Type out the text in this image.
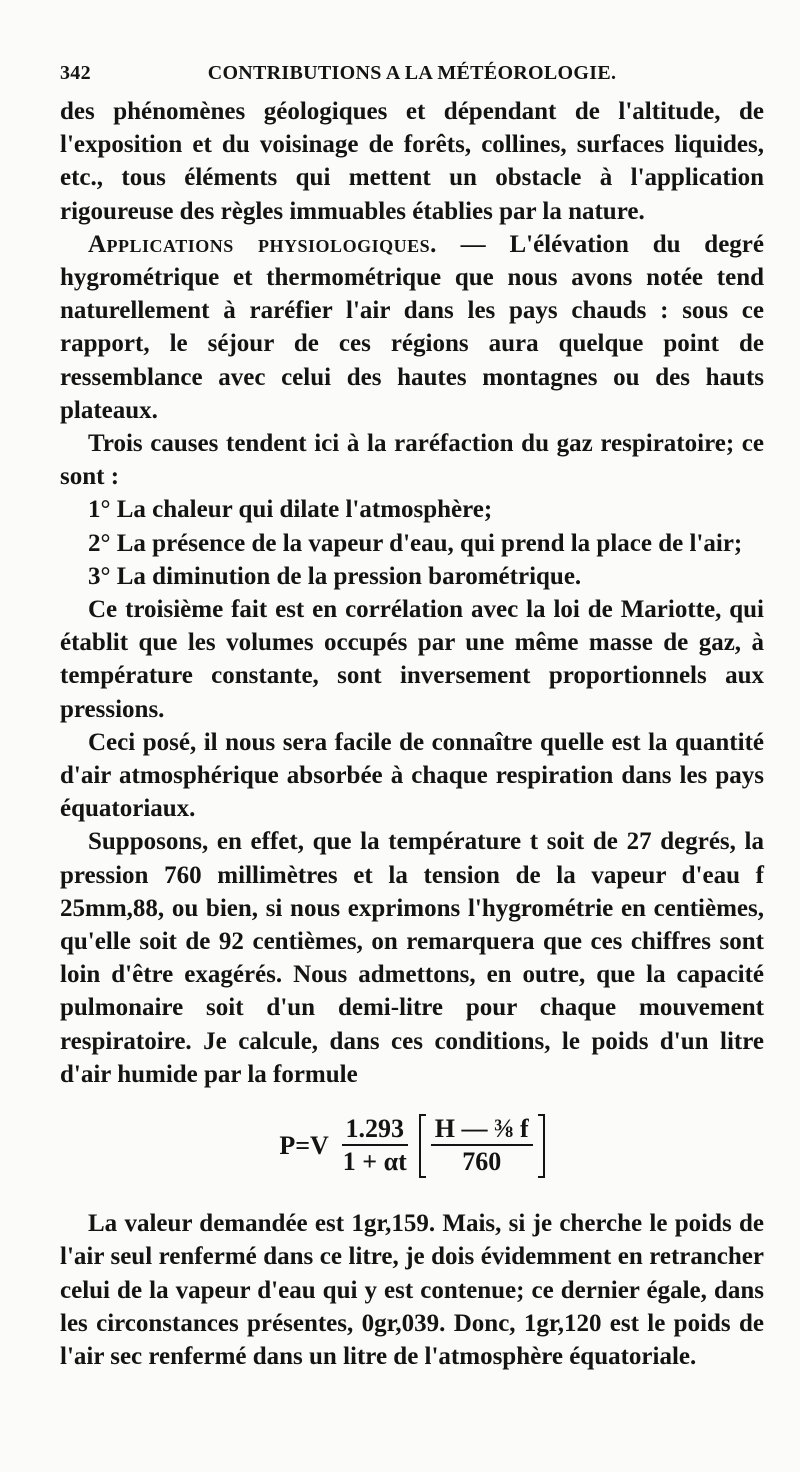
342	CONTRIBUTIONS A LA MÉTÉOROLOGIE.

des phénomènes géologiques et dépendant de l'altitude, de l'exposition et du voisinage de forêts, collines, surfaces liquides, etc., tous éléments qui mettent un obstacle à l'application rigoureuse des règles immuables établies par la nature.

Applications physiologiques. — L'élévation du degré hygrométrique et thermométrique que nous avons notée tend naturellement à raréfier l'air dans les pays chauds : sous ce rapport, le séjour de ces régions aura quelque point de ressemblance avec celui des hautes montagnes ou des hauts plateaux.

Trois causes tendent ici à la raréfaction du gaz respiratoire; ce sont :

1° La chaleur qui dilate l'atmosphère;

2° La présence de la vapeur d'eau, qui prend la place de l'air;

3° La diminution de la pression barométrique.

Ce troisième fait est en corrélation avec la loi de Mariotte, qui établit que les volumes occupés par une même masse de gaz, à température constante, sont inversement proportionnels aux pressions.

Ceci posé, il nous sera facile de connaître quelle est la quantité d'air atmosphérique absorbée à chaque respiration dans les pays équatoriaux.

Supposons, en effet, que la température t soit de 27 degrés, la pression 760 millimètres et la tension de la vapeur d'eau f 25mm,88, ou bien, si nous exprimons l'hygrométrie en centièmes, qu'elle soit de 92 centièmes, on remarquera que ces chiffres sont loin d'être exagérés. Nous admettons, en outre, que la capacité pulmonaire soit d'un demi-litre pour chaque mouvement respiratoire. Je calcule, dans ces conditions, le poids d'un litre d'air humide par la formule

$P=V \frac{1.293}{1 + \alpha t} \frac{\text{H — ⅜ f}}{760}$

La valeur demandée est 1gr,159. Mais, si je cherche le poids de l'air seul renfermé dans ce litre, je dois évidemment en retrancher celui de la vapeur d'eau qui y est contenue; ce dernier égale, dans les circonstances présentes, 0gr,039. Donc, 1gr,120 est le poids de l'air sec renfermé dans un litre de l'atmosphère équatoriale.
